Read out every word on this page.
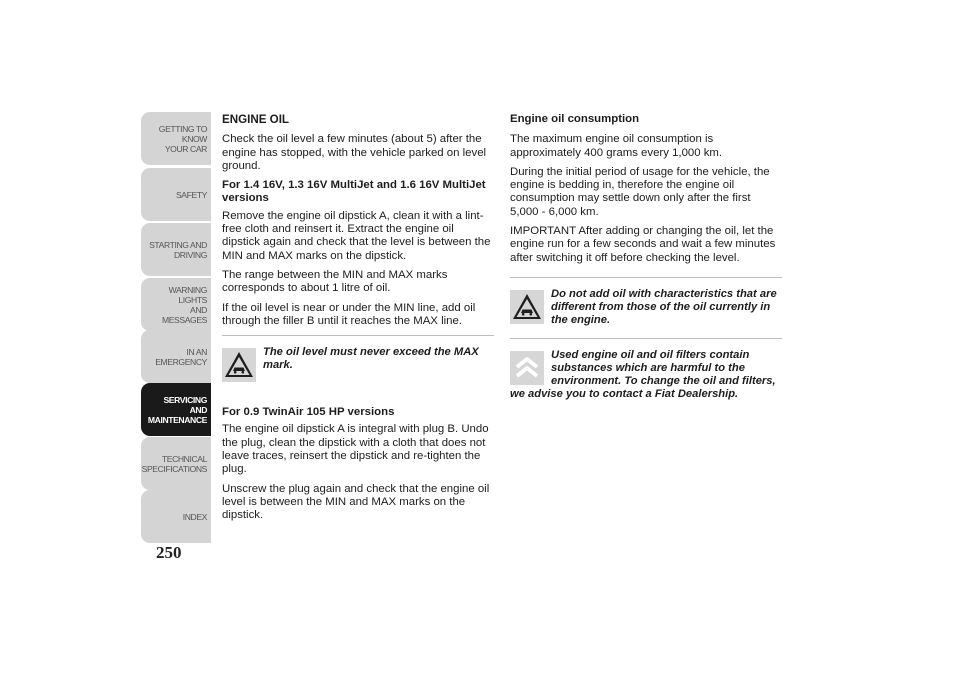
GETTING TO KNOW
YOUR CAR
SAFETY
STARTING AND
DRIVING
WARNING LIGHTS
AND MESSAGES
IN AN EMERGENCY
SERVICING AND
MAINTENANCE
TECHNICAL
SPECIFICATIONS
INDEX
250
ENGINE OIL

Check the oil level a few minutes (about 5) after the engine has stopped, with the vehicle parked on level ground.

For 1.4 16V, 1.3 16V MultiJet and 1.6 16V MultiJet versions

Remove the engine oil dipstick A, clean it with a lint-free cloth and reinsert it. Extract the engine oil dipstick again and check that the level is between the MIN and MAX marks on the dipstick.

The range between the MIN and MAX marks corresponds to about 1 litre of oil.

If the oil level is near or under the MIN line, add oil through the filler B until it reaches the MAX line.

The oil level must never exceed the MAX mark.
For 0.9 TwinAir 105 HP versions

The engine oil dipstick A is integral with plug B. Undo the plug, clean the dipstick with a cloth that does not leave traces, reinsert the dipstick and re-tighten the plug.

Unscrew the plug again and check that the engine oil level is between the MIN and MAX marks on the dipstick.

Engine oil consumption

The maximum engine oil consumption is approximately 400 grams every 1,000 km.

During the initial period of usage for the vehicle, the engine is bedding in, therefore the engine oil consumption may settle down only after the first 5,000 - 6,000 km.

IMPORTANT After adding or changing the oil, let the engine run for a few seconds and wait a few minutes after switching it off before checking the level.

Do not add oil with characteristics that are different from those of the oil currently in the engine.
Used engine oil and oil filters contain substances which are harmful to the environment. To change the oil and filters,
we advise you to contact a Fiat Dealership.
